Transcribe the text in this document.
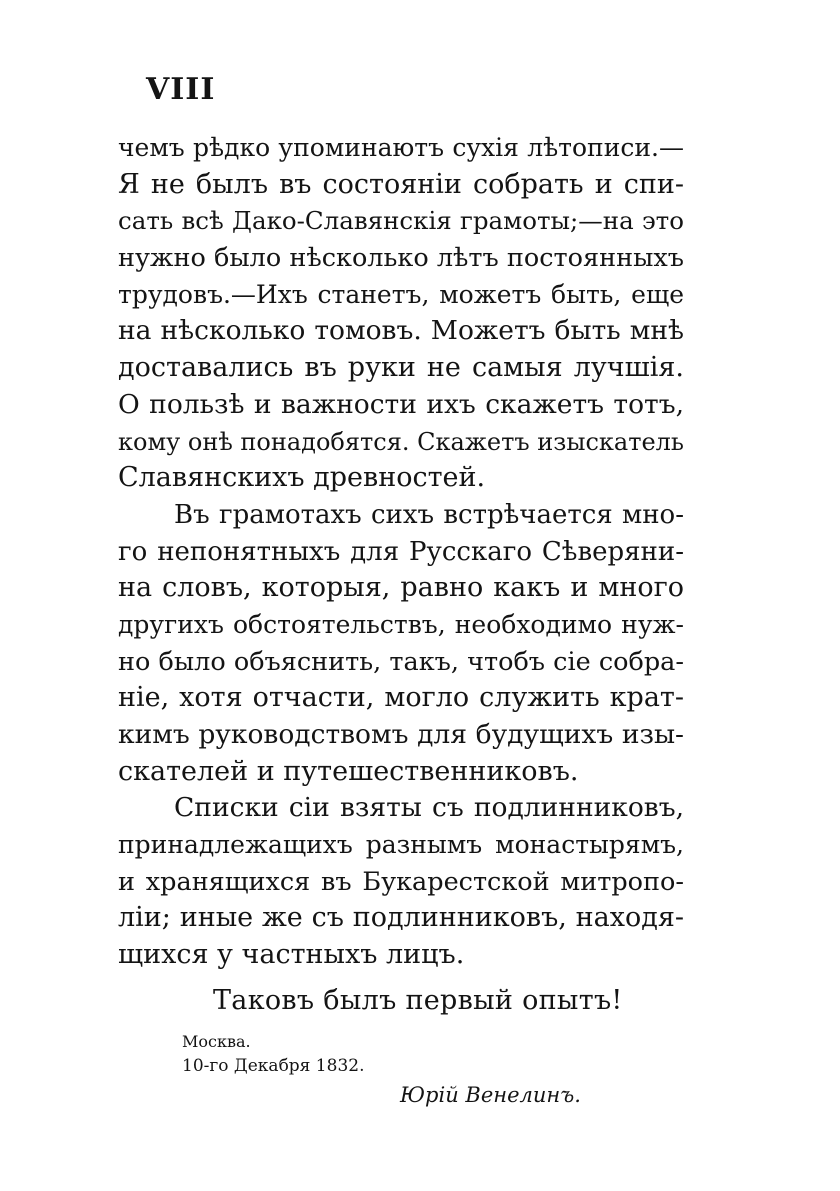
VIII

чемъ рѣдко упоминаютъ сухія лѣтописи.—
Я не былъ въ состояніи собрать и спи-
сать всѣ Дако-Славянскія грамоты;—на это
нужно было нѣсколько лѣтъ постоянныхъ
трудовъ.—Ихъ станетъ, можетъ быть, еще
на нѣсколько томовъ. Можетъ быть мнѣ
доставались въ руки не самыя лучшія.
О пользѣ и важности ихъ скажетъ тотъ,
кому онѣ понадобятся. Скажетъ изыскатель
Славянскихъ древностей.
Въ грамотахъ сихъ встрѣчается мно-
го непонятныхъ для Русскаго Сѣверяни-
на словъ, которыя, равно какъ и много
другихъ обстоятельствъ, необходимо нуж-
но было объяснить, такъ, чтобъ сіе собра-
ніе, хотя отчасти, могло служить крат-
кимъ руководствомъ для будущихъ изы-
скателей и путешественниковъ.
Списки сіи взяты съ подлинниковъ,
принадлежащихъ разнымъ монастырямъ,
и хранящихся въ Букарестской митропо-
ліи; иные же съ подлинниковъ, находя-
щихся у частныхъ лицъ.

Таковъ былъ первый опытъ!

Москва.

10-го Декабря 1832.

Юрій Венелинъ.
